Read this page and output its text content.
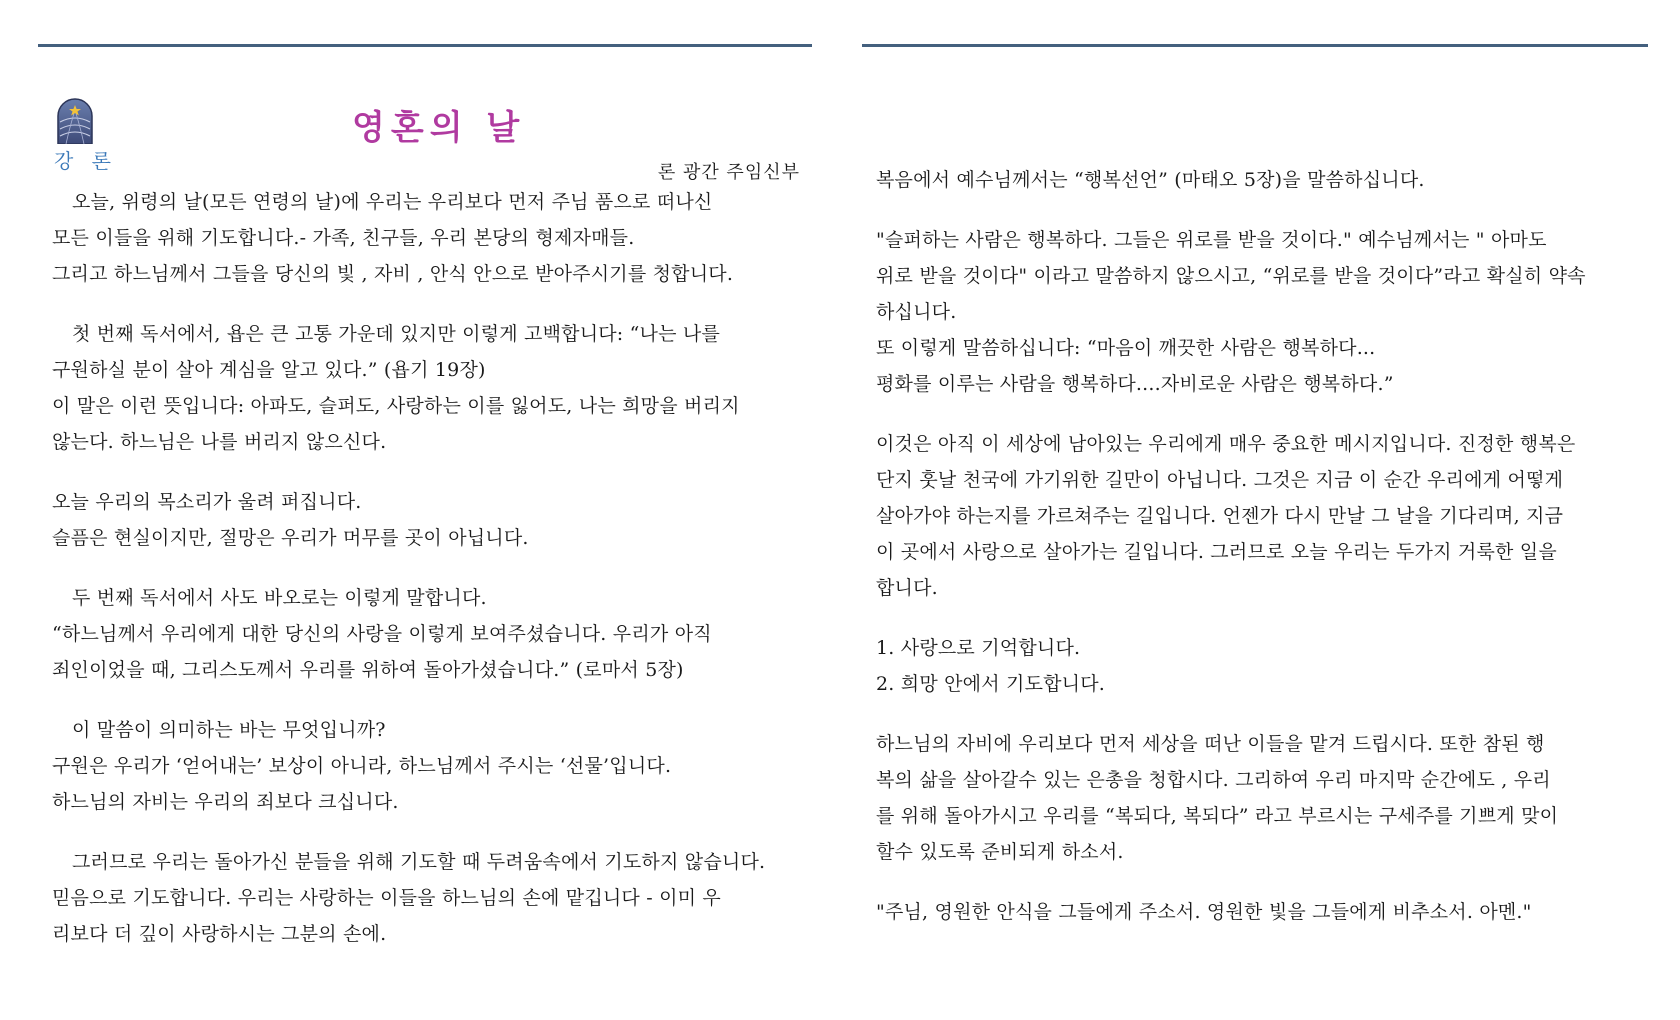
강 론
영혼의 날
론 광간 주임신부

오늘, 위령의 날(모든 연령의 날)에 우리는 우리보다 먼저 주님 품으로 떠나신
모든 이들을 위해 기도합니다.- 가족, 친구들, 우리 본당의 형제자매들.
그리고 하느님께서 그들을 당신의 빛 , 자비 , 안식 안으로 받아주시기를 청합니다.

첫 번째 독서에서, 욥은 큰 고통 가운데 있지만 이렇게 고백합니다: “나는 나를
구원하실 분이 살아 계심을 알고 있다.” (욥기 19장)
이 말은 이런 뜻입니다: 아파도, 슬퍼도, 사랑하는 이를 잃어도, 나는 희망을 버리지
않는다. 하느님은 나를 버리지 않으신다.

오늘 우리의 목소리가 울려 퍼집니다.
슬픔은 현실이지만, 절망은 우리가 머무를 곳이 아닙니다.

두 번째 독서에서 사도 바오로는 이렇게 말합니다.
“하느님께서 우리에게 대한 당신의 사랑을 이렇게 보여주셨습니다. 우리가 아직
죄인이었을 때, 그리스도께서 우리를 위하여 돌아가셨습니다.” (로마서 5장)

이 말씀이 의미하는 바는 무엇입니까?
구원은 우리가 ‘얻어내는’ 보상이 아니라, 하느님께서 주시는 ‘선물’입니다.
하느님의 자비는 우리의 죄보다 크십니다.

그러므로 우리는 돌아가신 분들을 위해 기도할 때 두려움속에서 기도하지 않습니다.
믿음으로 기도합니다. 우리는 사랑하는 이들을 하느님의 손에 맡깁니다 - 이미 우
리보다 더 깊이 사랑하시는 그분의 손에.

복음에서 예수님께서는 “행복선언” (마태오 5장)을 말씀하십니다.

"슬퍼하는 사람은 행복하다. 그들은 위로를 받을 것이다." 예수님께서는 " 아마도
위로 받을 것이다" 이라고 말씀하지 않으시고, “위로를 받을 것이다”라고 확실히 약속
하십니다.
또 이렇게 말씀하십니다: “마음이 깨끗한 사람은 행복하다...
평화를 이루는 사람을 행복하다....자비로운 사람은 행복하다.”

이것은 아직 이 세상에 남아있는 우리에게 매우 중요한 메시지입니다. 진정한 행복은
단지 훗날 천국에 가기위한 길만이 아닙니다. 그것은 지금 이 순간 우리에게 어떻게
살아가야 하는지를 가르쳐주는 길입니다. 언젠가 다시 만날 그 날을 기다리며, 지금
이 곳에서 사랑으로 살아가는 길입니다. 그러므로 오늘 우리는 두가지 거룩한 일을
합니다.

1. 사랑으로 기억합니다.
2. 희망 안에서 기도합니다.

하느님의 자비에 우리보다 먼저 세상을 떠난 이들을 맡겨 드립시다. 또한 참된 행
복의 삶을 살아갈수 있는 은총을 청합시다. 그리하여 우리 마지막 순간에도 , 우리
를 위해 돌아가시고 우리를 “복되다, 복되다” 라고 부르시는 구세주를 기쁘게 맞이
할수 있도록 준비되게 하소서.

"주님, 영원한 안식을 그들에게 주소서. 영원한 빛을 그들에게 비추소서. 아멘."
